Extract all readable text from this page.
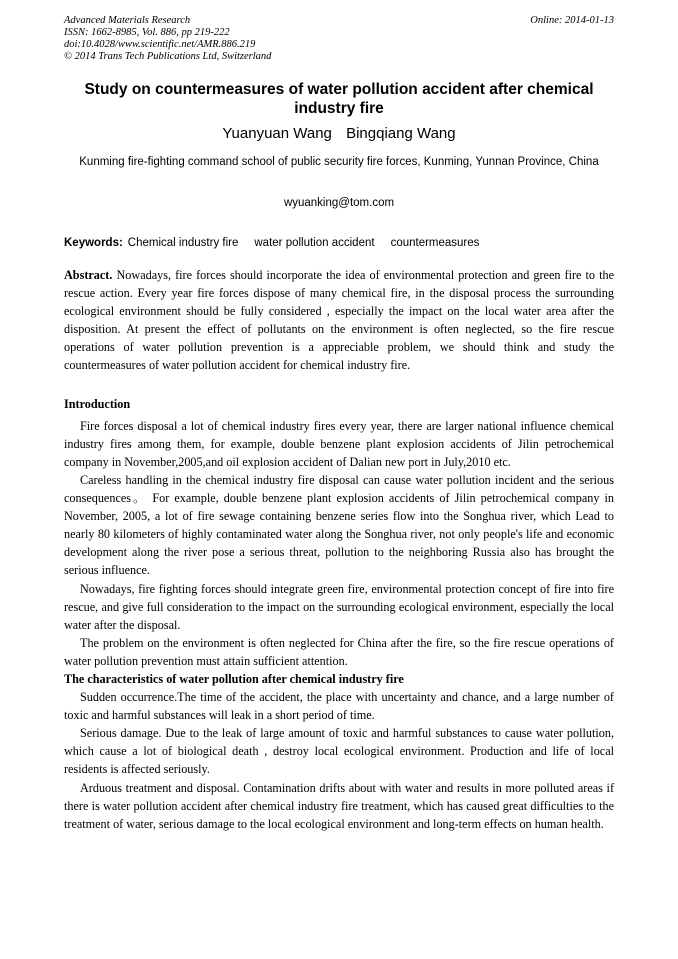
Advanced Materials Research
ISSN: 1662-8985, Vol. 886, pp 219-222
doi:10.4028/www.scientific.net/AMR.886.219
© 2014 Trans Tech Publications Ltd, Switzerland
Online: 2014-01-13
Study on countermeasures of water pollution accident after chemical industry fire
Yuanyuan Wang Bingqiang Wang
Kunming fire-fighting command school of public security fire forces, Kunming, Yunnan Province, China
wyuanking@tom.com
Keywords: Chemical industry fire water pollution accident countermeasures

Abstract. Nowadays, fire forces should incorporate the idea of environmental protection and green fire to the rescue action. Every year fire forces dispose of many chemical fire, in the disposal process the surrounding ecological environment should be fully considered , especially the impact on the local water area after the disposition. At present the effect of pollutants on the environment is often neglected, so the fire rescue operations of water pollution prevention is a appreciable problem, we should think and study the countermeasures of water pollution accident for chemical industry fire.

Introduction

Fire forces disposal a lot of chemical industry fires every year, there are larger national influence chemical industry fires among them, for example, double benzene plant explosion accidents of Jilin petrochemical company in November,2005,and oil explosion accident of Dalian new port in July,2010 etc.

Careless handling in the chemical industry fire disposal can cause water pollution incident and the serious consequences。 For example, double benzene plant explosion accidents of Jilin petrochemical company in November, 2005, a lot of fire sewage containing benzene series flow into the Songhua river, which Lead to nearly 80 kilometers of highly contaminated water along the Songhua river, not only people's life and economic development along the river pose a serious threat, pollution to the neighboring Russia also has brought the serious influence.

Nowadays, fire fighting forces should integrate green fire, environmental protection concept of fire into fire rescue, and give full consideration to the impact on the surrounding ecological environment, especially the local water after the disposal.

The problem on the environment is often neglected for China after the fire, so the fire rescue operations of water pollution prevention must attain sufficient attention.

The characteristics of water pollution after chemical industry fire

Sudden occurrence.The time of the accident, the place with uncertainty and chance, and a large number of toxic and harmful substances will leak in a short period of time.

Serious damage. Due to the leak of large amount of toxic and harmful substances to cause water pollution, which cause a lot of biological death , destroy local ecological environment. Production and life of local residents is affected seriously.

Arduous treatment and disposal. Contamination drifts about with water and results in more polluted areas if there is water pollution accident after chemical industry fire treatment, which has caused great difficulties to the treatment of water, serious damage to the local ecological environment and long-term effects on human health.
